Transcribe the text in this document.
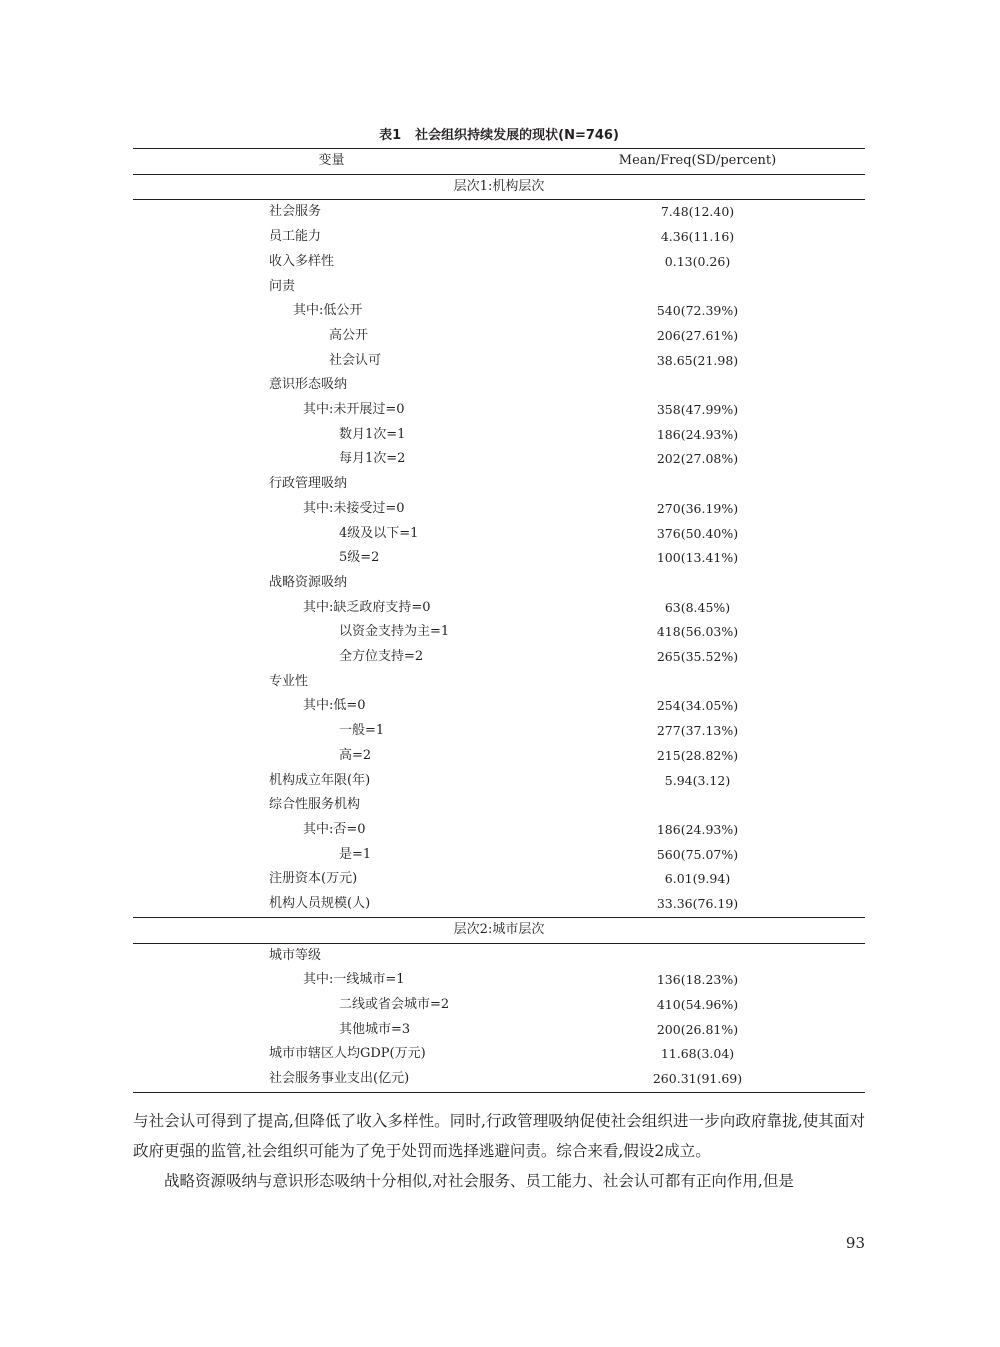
表1 社会组织持续发展的现状(N=746)
变量	Mean/Freq(SD/percent)
层次1:机构层次	
社会服务	7.48(12.40)
员工能力	4.36(11.16)
收入多样性	0.13(0.26)
问责	
其中:低公开	540(72.39%)
高公开	206(27.61%)
社会认可	38.65(21.98)
意识形态吸纳	
其中:未开展过=0	358(47.99%)
数月1次=1	186(24.93%)
每月1次=2	202(27.08%)
行政管理吸纳	
其中:未接受过=0	270(36.19%)
4级及以下=1	376(50.40%)
5级=2	100(13.41%)
战略资源吸纳	
其中:缺乏政府支持=0	63(8.45%)
以资金支持为主=1	418(56.03%)
全方位支持=2	265(35.52%)
专业性	
其中:低=0	254(34.05%)
一般=1	277(37.13%)
高=2	215(28.82%)
机构成立年限(年)	5.94(3.12)
综合性服务机构	
其中:否=0	186(24.93%)
是=1	560(75.07%)
注册资本(万元)	6.01(9.94)
机构人员规模(人)	33.36(76.19)
层次2:城市层次	
城市等级	
其中:一线城市=1	136(18.23%)
二线或省会城市=2	410(54.96%)
其他城市=3	200(26.81%)
城市市辖区人均GDP(万元)	11.68(3.04)
社会服务事业支出(亿元)	260.31(91.69)

与社会认可得到了提高,但降低了收入多样性。同时,行政管理吸纳促使社会组织进一步向政府靠拢,使其面对政府更强的监管,社会组织可能为了免于处罚而选择逃避问责。综合来看,假设2成立。

战略资源吸纳与意识形态吸纳十分相似,对社会服务、员工能力、社会认可都有正向作用,但是

93
